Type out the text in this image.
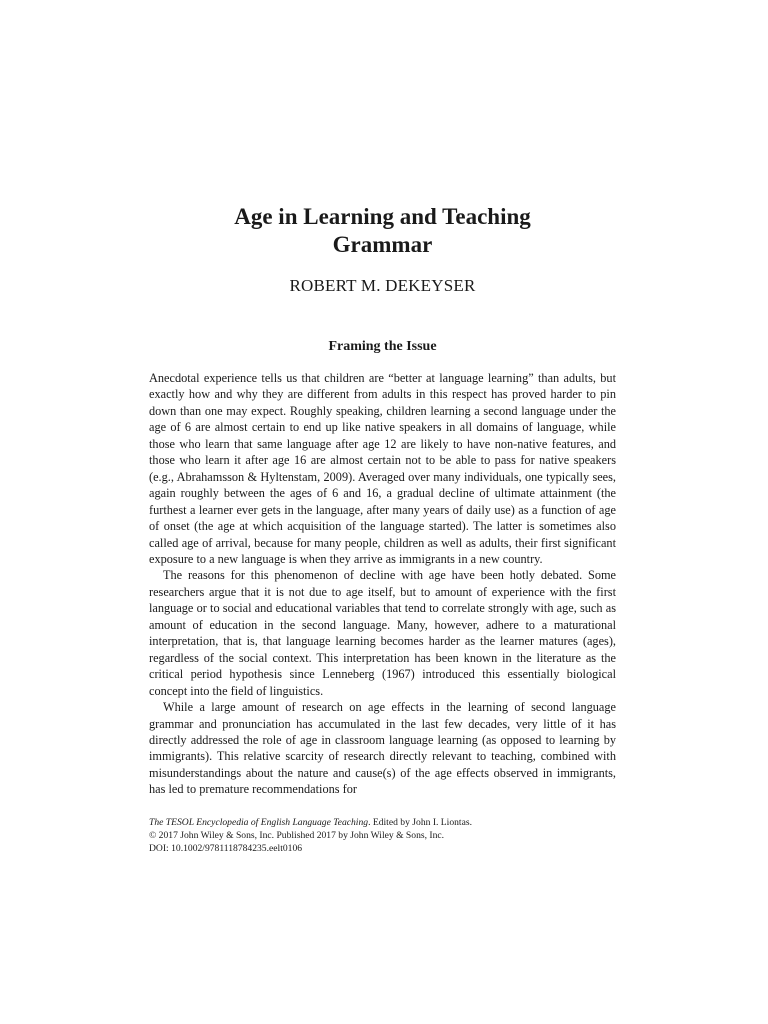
Age in Learning and Teaching
Grammar
ROBERT M. DEKEYSER
Framing the Issue

Anecdotal experience tells us that children are “better at language learning” than adults, but exactly how and why they are different from adults in this respect has proved harder to pin down than one may expect. Roughly speaking, children learning a second language under the age of 6 are almost certain to end up like native speakers in all domains of language, while those who learn that same language after age 12 are likely to have non-native features, and those who learn it after age 16 are almost certain not to be able to pass for native speakers (e.g., Abrahamsson & Hyltenstam, 2009). Averaged over many individuals, one typically sees, again roughly between the ages of 6 and 16, a gradual decline of ultimate attainment (the furthest a learner ever gets in the language, after many years of daily use) as a function of age of onset (the age at which acquisition of the language started). The latter is sometimes also called age of arrival, because for many people, children as well as adults, their first significant exposure to a new language is when they arrive as immigrants in a new country.

The reasons for this phenomenon of decline with age have been hotly debated. Some researchers argue that it is not due to age itself, but to amount of experience with the first language or to social and educational variables that tend to correlate strongly with age, such as amount of education in the second language. Many, however, adhere to a maturational interpretation, that is, that language learning becomes harder as the learner matures (ages), regardless of the social context. This interpretation has been known in the literature as the critical period hypothesis since Lenneberg (1967) introduced this essentially biological concept into the field of linguistics.

While a large amount of research on age effects in the learning of second language grammar and pronunciation has accumulated in the last few decades, very little of it has directly addressed the role of age in classroom language learning (as opposed to learning by immigrants). This relative scarcity of research directly relevant to teaching, combined with misunderstandings about the nature and cause(s) of the age effects observed in immigrants, has led to premature recommendations for

The TESOL Encyclopedia of English Language Teaching. Edited by John I. Liontas.
© 2017 John Wiley & Sons, Inc. Published 2017 by John Wiley & Sons, Inc.
DOI: 10.1002/9781118784235.eelt0106
